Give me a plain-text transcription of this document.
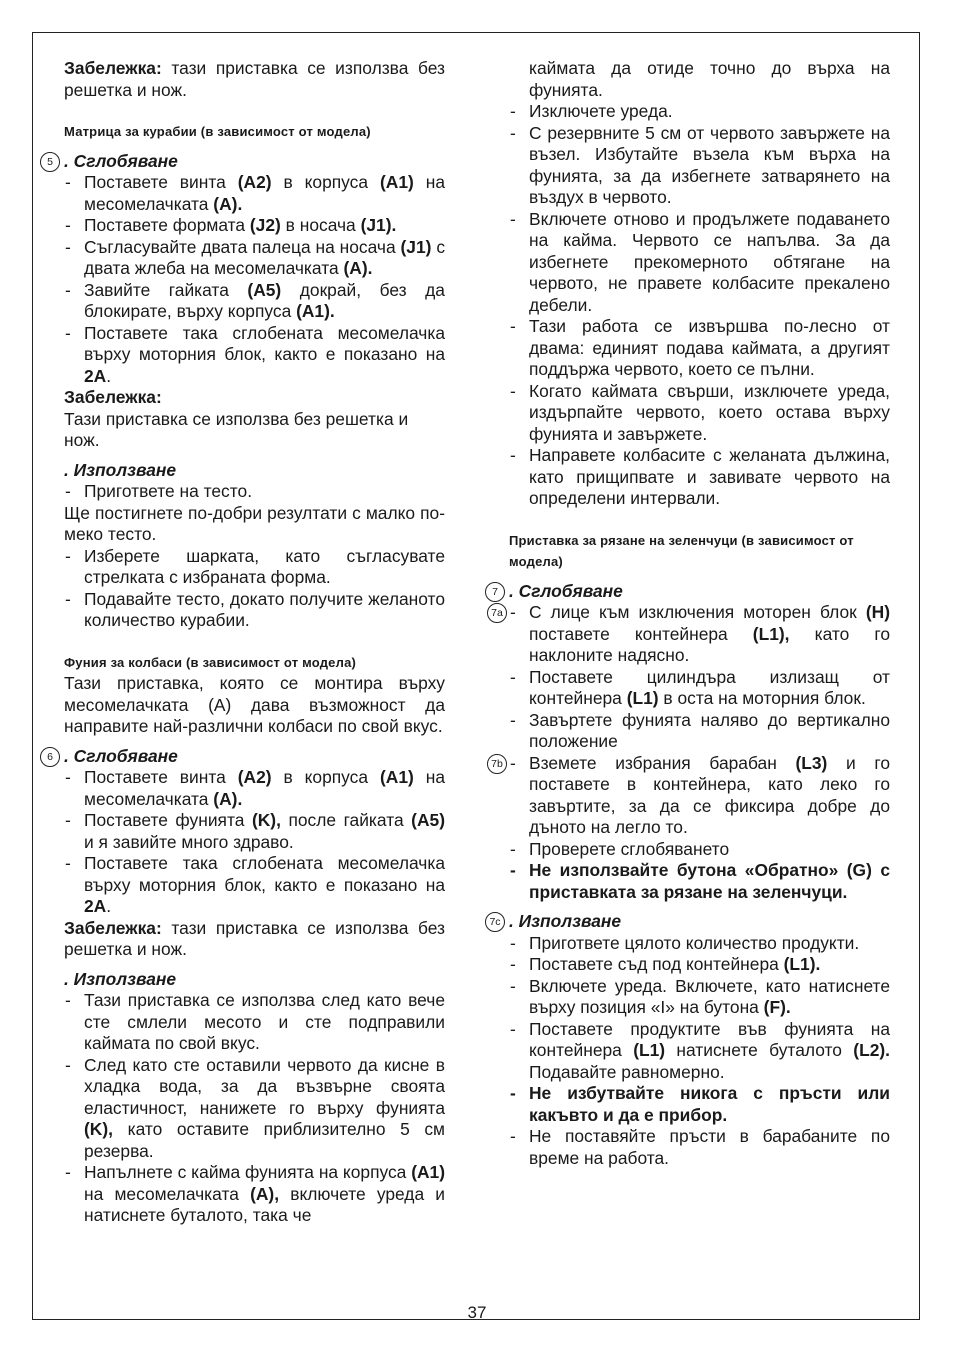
Забележка: тази приставка се използва без решетка и нож.

Матрица за курабии (в зависимост от модела)

5 . Сглобяване

- Поставете винта (A2) в корпуса (A1) на месомелачката (A).
- Поставете формата (J2) в носача (J1).
- Съгласувайте двата палеца на носача (J1) с двата жлеба на месомелачката (A).
- Завийте гайката (A5) докрай, без да блокирате, върху корпуса (A1).
- Поставете така сглобената месомелачка върху моторния блок, както е показано на 2A.

Забележка:

Тази приставка се използва без решетка и нож.

. Използване

- Пригответе на тесто.

Ще постигнете по-добри резултати с малко по-меко тесто.

- Изберете шарката, като съгласувате стрелката с избраната форма.
- Подавайте тесто, докато получите желаното количество курабии.

Фуния за колбаси (в зависимост от модела)

Тази приставка, която се монтира върху месомелачката (A) дава възможност да направите най-различни колбаси по свой вкус.

6 . Сглобяване

- Поставете винта (A2) в корпуса (A1) на месомелачката (A).
- Поставете фунията (K), после гайката (A5) и я завийте много здраво.
- Поставете така сглобената месомелачка върху моторния блок, както е показано на 2A.

Забележка: тази приставка се използва без решетка и нож.

. Използване

- Тази приставка се използва след като вече сте смлели месото и сте подправили каймата по свой вкус.
- След като сте оставили червото да киснe в хладка вода, за да възвърне своята еластичност, нанижете го върху фунията (K), като оставите приблизително 5 см резерва.
- Напълнете с кайма фунията на корпуса (A1) на месомелачката (A), включете уреда и натиснете буталото, така че

каймата да отиде точно до върха на фунията.

- Изключете уреда.
- С резервните 5 см от червото завържете на възел. Избутайте възела към върха на фунията, за да избегнете затварянето на въздух в червото.
- Включете отново и продължете подаването на кайма. Червото се напълва. За да избегнете прекомерното обтягане на червото, не правете колбасите прекалено дебели.
- Тази работа се извършва по-лесно от двама: единият подава каймата, а другият поддържа червото, което се пълни.
- Когато каймата свърши, изключете уреда, издърпайте червото, което остава върху фунията и завържете.
- Направете колбасите с желаната дължина, като прищипвате и завивате червото на определени интервали.

Приставка за рязане на зеленчуци (в зависимост от модела)

7 . Сглобяване

- 7a С лице към изключения моторен блок (H) поставете контейнера (L1), като го наклоните надясно.
- Поставете цилиндъра излизащ от контейнера (L1) в оста на моторния блок.
- Завъртете фунията наляво до вертикално положение
- 7b Вземете избрания барабан (L3) и го поставете в контейнера, като леко го завъртите, за да се фиксира добре до дъното на легло то.
- Проверете сглобяването
- Не използвайте бутона «Обратно» (G) с приставката за рязане на зеленчуци.

7c . Използване

- Пригответе цялото количество продукти.
- Поставете съд под контейнера (L1).
- Включете уреда. Включете, като натиснете върху позиция «I» на бутона (F).
- Поставете продуктите във фунията на контейнера (L1) натиснете буталото (L2). Подавайте равномерно.
- Не избутвайте никога с пръсти или какъвто и да е прибор.
- Не поставяйте пръсти в барабаните по време на работа.
37
